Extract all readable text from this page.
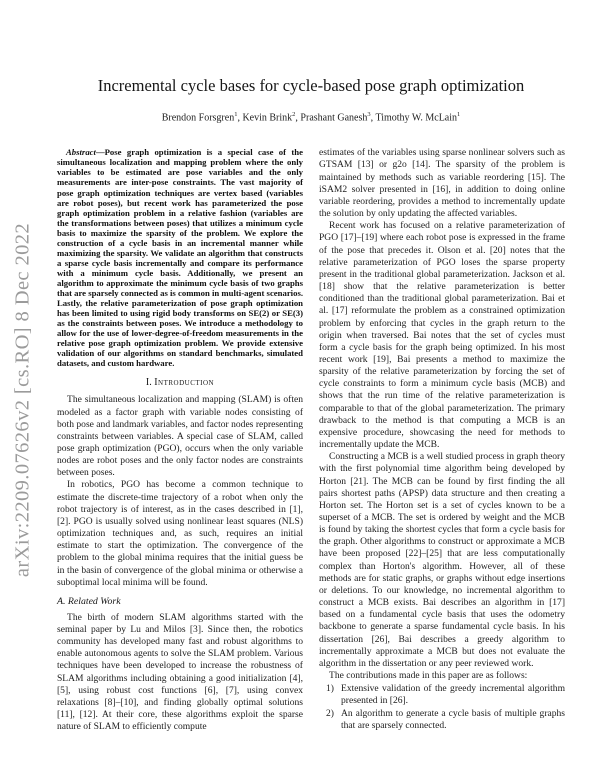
arXiv:2209.07626v2 [cs.RO] 8 Dec 2022
Incremental cycle bases for cycle-based pose graph optimization
Brendon Forsgren$^1$, Kevin Brink$^2$, Prashant Ganesh$^3$, Timothy W. McLain$^1$

Abstract—Pose graph optimization is a special case of the simultaneous localization and mapping problem where the only variables to be estimated are pose variables and the only measurements are inter-pose constraints. The vast majority of pose graph optimization techniques are vertex based (variables are robot poses), but recent work has parameterized the pose graph optimization problem in a relative fashion (variables are the transformations between poses) that utilizes a minimum cycle basis to maximize the sparsity of the problem. We explore the construction of a cycle basis in an incremental manner while maximizing the sparsity. We validate an algorithm that constructs a sparse cycle basis incrementally and compare its performance with a minimum cycle basis. Additionally, we present an algorithm to approximate the minimum cycle basis of two graphs that are sparsely connected as is common in multi-agent scenarios. Lastly, the relative parameterization of pose graph optimization has been limited to using rigid body transforms on SE(2) or SE(3) as the constraints between poses. We introduce a methodology to allow for the use of lower-degree-of-freedom measurements in the relative pose graph optimization problem. We provide extensive validation of our algorithms on standard benchmarks, simulated datasets, and custom hardware.

I. Introduction

The simultaneous localization and mapping (SLAM) is often modeled as a factor graph with variable nodes consisting of both pose and landmark variables, and factor nodes representing constraints between variables. A special case of SLAM, called pose graph optimization (PGO), occurs when the only variable nodes are robot poses and the only factor nodes are constraints between poses.

In robotics, PGO has become a common technique to estimate the discrete-time trajectory of a robot when only the robot trajectory is of interest, as in the cases described in [1], [2]. PGO is usually solved using nonlinear least squares (NLS) optimization techniques and, as such, requires an initial estimate to start the optimization. The convergence of the problem to the global minima requires that the initial guess be in the basin of convergence of the global minima or otherwise a suboptimal local minima will be found.

A. Related Work

The birth of modern SLAM algorithms started with the seminal paper by Lu and Milos [3]. Since then, the robotics community has developed many fast and robust algorithms to enable autonomous agents to solve the SLAM problem. Various techniques have been developed to increase the robustness of SLAM algorithms including obtaining a good initialization [4], [5], using robust cost functions [6], [7], using convex relaxations [8]–[10], and finding globally optimal solutions [11], [12]. At their core, these algorithms exploit the sparse nature of SLAM to efficiently compute

estimates of the variables using sparse nonlinear solvers such as GTSAM [13] or g2o [14]. The sparsity of the problem is maintained by methods such as variable reordering [15]. The iSAM2 solver presented in [16], in addition to doing online variable reordering, provides a method to incrementally update the solution by only updating the affected variables.

Recent work has focused on a relative parameterization of PGO [17]–[19] where each robot pose is expressed in the frame of the pose that precedes it. Olson et al. [20] notes that the relative parameterization of PGO loses the sparse property present in the traditional global parameterization. Jackson et al. [18] show that the relative parameterization is better conditioned than the traditional global parameterization. Bai et al. [17] reformulate the problem as a constrained optimization problem by enforcing that cycles in the graph return to the origin when traversed. Bai notes that the set of cycles must form a cycle basis for the graph being optimized. In his most recent work [19], Bai presents a method to maximize the sparsity of the relative parameterization by forcing the set of cycle constraints to form a minimum cycle basis (MCB) and shows that the run time of the relative parameterization is comparable to that of the global parameterization. The primary drawback to the method is that computing a MCB is an expensive procedure, showcasing the need for methods to incrementally update the MCB.

Constructing a MCB is a well studied process in graph theory with the first polynomial time algorithm being developed by Horton [21]. The MCB can be found by first finding the all pairs shortest paths (APSP) data structure and then creating a Horton set. The Horton set is a set of cycles known to be a superset of a MCB. The set is ordered by weight and the MCB is found by taking the shortest cycles that form a cycle basis for the graph. Other algorithms to construct or approximate a MCB have been proposed [22]–[25] that are less computationally complex than Horton's algorithm. However, all of these methods are for static graphs, or graphs without edge insertions or deletions. To our knowledge, no incremental algorithm to construct a MCB exists. Bai describes an algorithm in [17] based on a fundamental cycle basis that uses the odometry backbone to generate a sparse fundamental cycle basis. In his dissertation [26], Bai describes a greedy algorithm to incrementally approximate a MCB but does not evaluate the algorithm in the dissertation or any peer reviewed work.

The contributions made in this paper are as follows:

1) Extensive validation of the greedy incremental algorithm presented in [26].
2) An algorithm to generate a cycle basis of multiple graphs that are sparsely connected.
